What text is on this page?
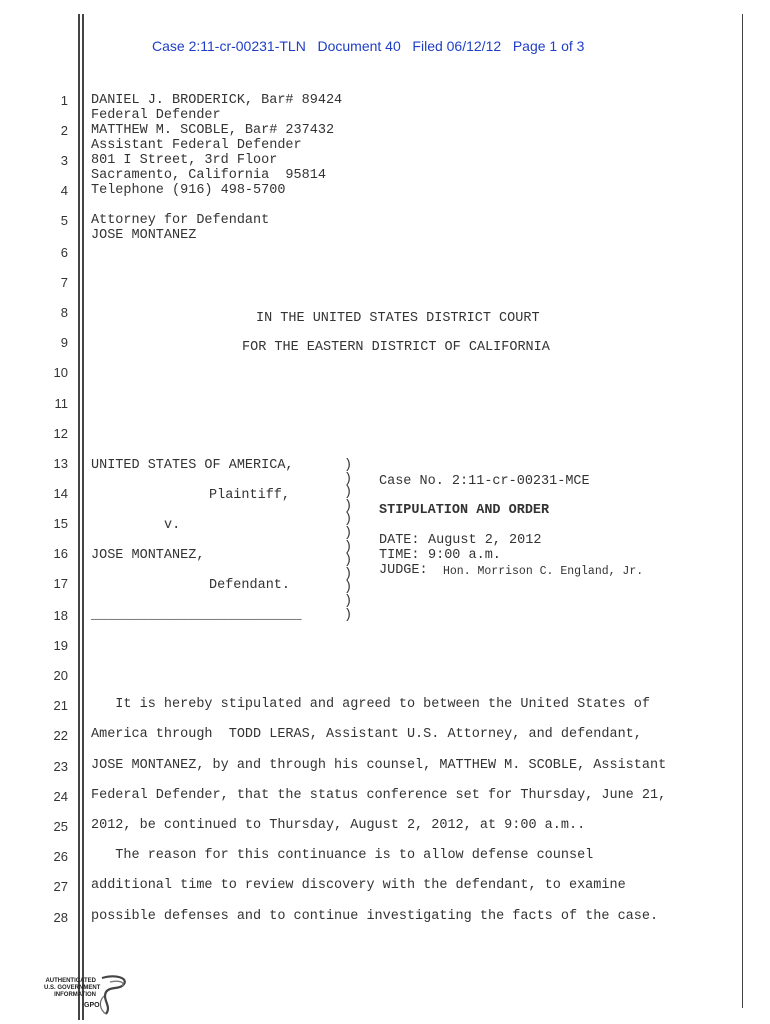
Case 2:11-cr-00231-TLN   Document 40   Filed 06/12/12   Page 1 of 3
1
2
3
4
5
6
7
8
9
10
11
12
13
14
15
16
17
18
19
20
21
22
23
24
25
26
27
28
DANIEL J. BRODERICK, Bar# 89424
Federal Defender
MATTHEW M. SCOBLE, Bar# 237432
Assistant Federal Defender
801 I Street, 3rd Floor
Sacramento, California  95814
Telephone (916) 498-5700
Attorney for Defendant
JOSE MONTANEZ
IN THE UNITED STATES DISTRICT COURT
FOR THE EASTERN DISTRICT OF CALIFORNIA
UNITED STATES OF AMERICA,
Plaintiff,
v.
JOSE MONTANEZ,
Defendant.
__________________________
)
)
)
)
)
)
)
)
)
)
)
)
Case No. 2:11-cr-00231-MCE
STIPULATION AND ORDER
DATE: August 2, 2012
TIME: 9:00 a.m.
JUDGE: Hon. Morrison C. England, Jr.
It is hereby stipulated and agreed to between the United States of
America through  TODD LERAS, Assistant U.S. Attorney, and defendant,
JOSE MONTANEZ, by and through his counsel, MATTHEW M. SCOBLE, Assistant
Federal Defender, that the status conference set for Thursday, June 21,
2012, be continued to Thursday, August 2, 2012, at 9:00 a.m..
The reason for this continuance is to allow defense counsel
additional time to review discovery with the defendant, to examine
possible defenses and to continue investigating the facts of the case.
AUTHENTICATED
U.S. GOVERNMENT
INFORMATION
GPO
